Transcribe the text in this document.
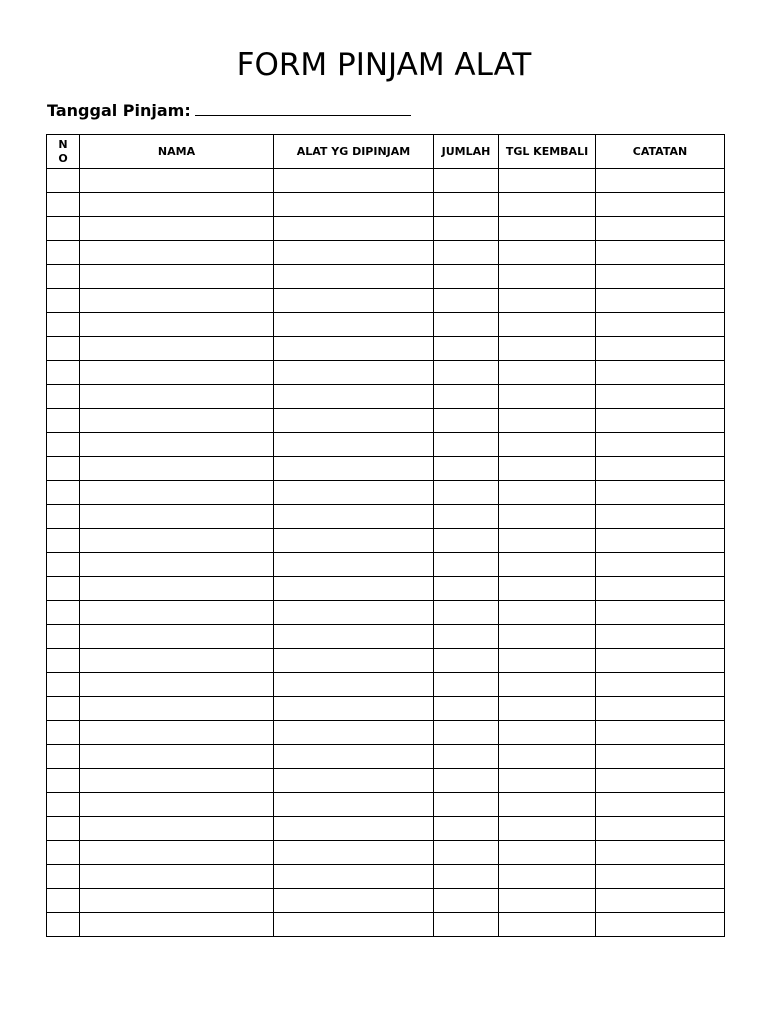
FORM PINJAM ALAT
Tanggal Pinjam:
N
O	NAMA	ALAT YG DIPINJAM	JUMLAH	TGL KEMBALI	CATATAN
